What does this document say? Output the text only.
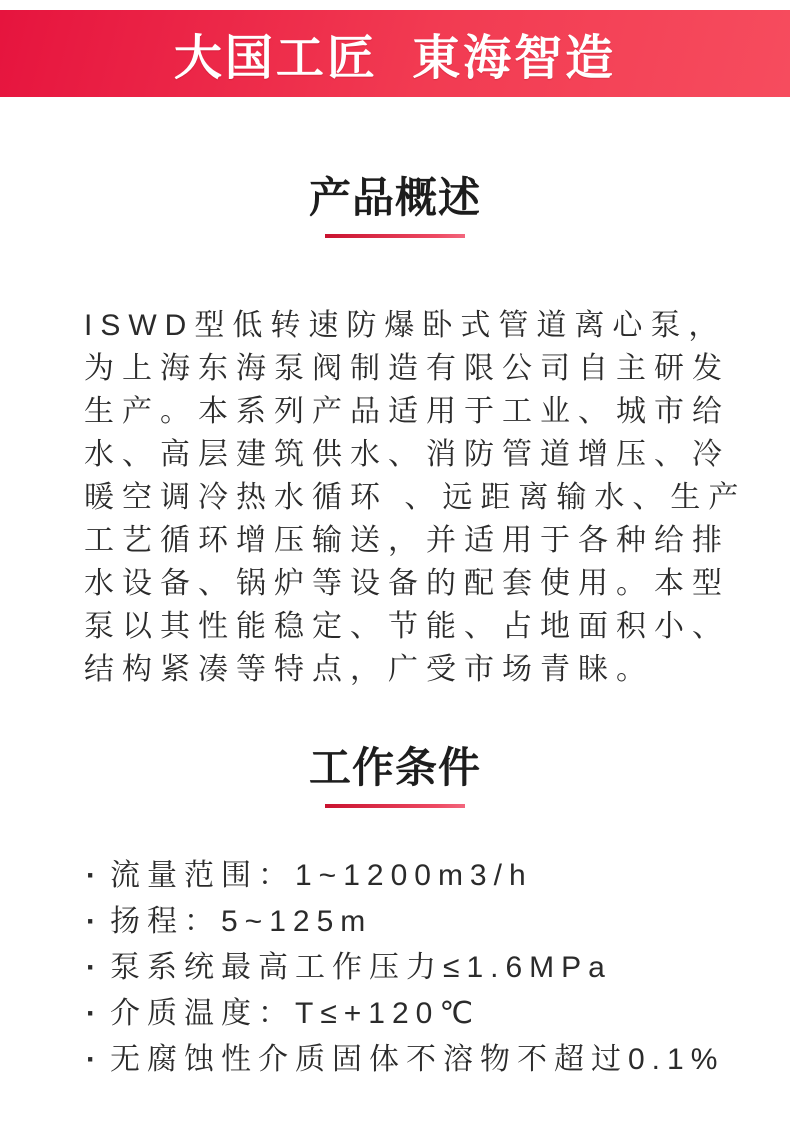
大国工匠 東海智造
产品概述
ISWD型低转速防爆卧式管道离心泵，
为上海东海泵阀制造有限公司自主研发
生产。本系列产品适用于工业、城市给
水、高层建筑供水、消防管道增压、冷
暖空调冷热水循环 、远距离输水、生产
工艺循环增压输送，并适用于各种给排
水设备、锅炉等设备的配套使用。本型
泵以其性能稳定、节能、占地面积小、
结构紧凑等特点，广受市场青睐。
工作条件
· 流量范围：1~1200m3/h
· 扬程：5~125m
· 泵系统最高工作压力≤1.6MPa
· 介质温度：T≤+120℃
· 无腐蚀性介质固体不溶物不超过0.1%
